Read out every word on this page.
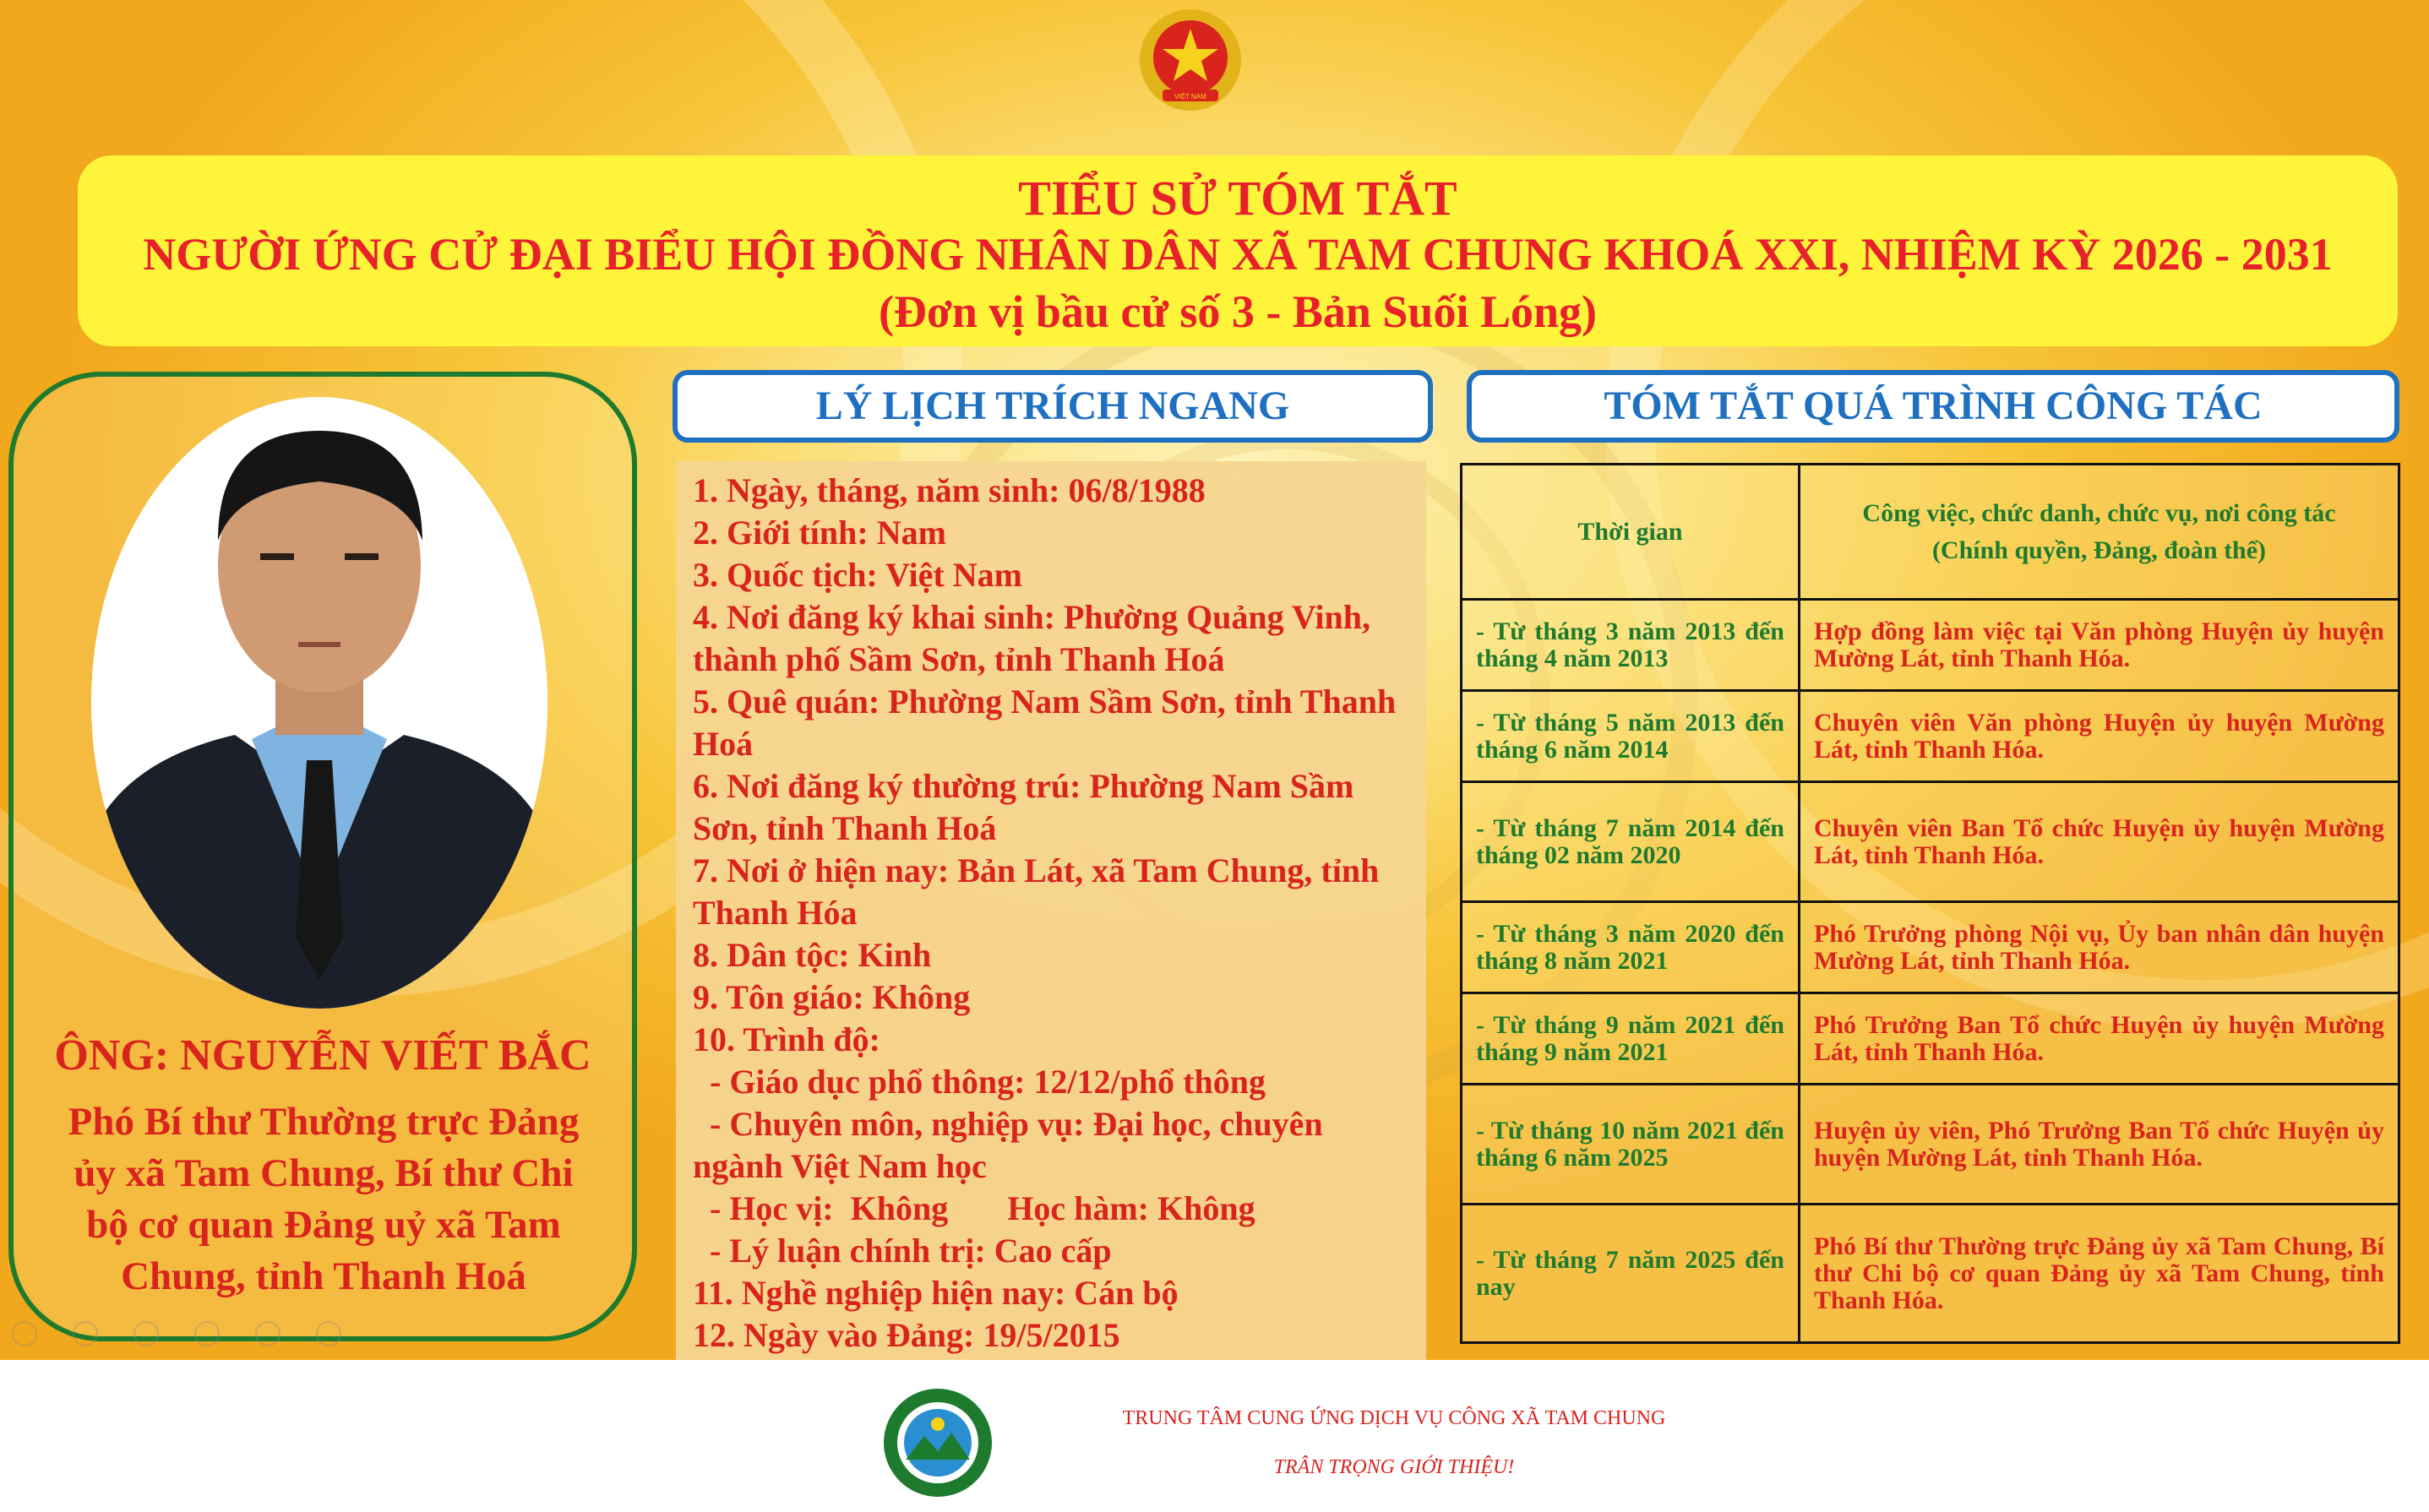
VIỆT NAM
TIỂU SỬ TÓM TẮT
NGƯỜI ỨNG CỬ ĐẠI BIỂU HỘI ĐỒNG NHÂN DÂN XÃ TAM CHUNG KHOÁ XXI, NHIỆM KỲ 2026 - 2031
(Đơn vị bầu cử số 3 - Bản Suối Lóng)
ÔNG: NGUYỄN VIẾT BẮC
Phó Bí thư Thường trực Đảng ủy xã Tam Chung, Bí thư Chi bộ cơ quan Đảng uỷ xã Tam Chung, tỉnh Thanh Hoá
LÝ LỊCH TRÍCH NGANG	TÓM TẮT QUÁ TRÌNH CÔNG TÁC
1. Ngày, tháng, năm sinh: 06/8/1988
2. Giới tính: Nam
3. Quốc tịch: Việt Nam
4. Nơi đăng ký khai sinh: Phường Quảng Vinh, thành phố Sầm Sơn, tỉnh Thanh Hoá
5. Quê quán: Phường Nam Sầm Sơn, tỉnh Thanh Hoá
6. Nơi đăng ký thường trú: Phường Nam Sầm Sơn, tỉnh Thanh Hoá
7. Nơi ở hiện nay: Bản Lát, xã Tam Chung, tỉnh Thanh Hóa
8. Dân tộc: Kinh
9. Tôn giáo: Không
10. Trình độ:
- Giáo dục phổ thông: 12/12/phổ thông
- Chuyên môn, nghiệp vụ: Đại học, chuyên ngành Việt Nam học
- Học vị:  Không       Học hàm: Không
- Lý luận chính trị: Cao cấp
11. Nghề nghiệp hiện nay: Cán bộ
12. Ngày vào Đảng: 19/5/2015
Thời gian	Công việc, chức danh, chức vụ, nơi công tác
(Chính quyền, Đảng, đoàn thể)

- Từ tháng 3 năm 2013 đến tháng 4 năm 2013	Hợp đồng làm việc tại Văn phòng Huyện ủy huyện Mường Lát, tỉnh Thanh Hóa.
- Từ tháng 5 năm 2013 đến tháng 6 năm 2014	Chuyên viên Văn phòng Huyện ủy huyện Mường Lát, tỉnh Thanh Hóa.
- Từ tháng 7 năm 2014 đến tháng 02 năm 2020	Chuyên viên Ban Tổ chức Huyện ủy huyện Mường Lát, tỉnh Thanh Hóa.
- Từ tháng 3 năm 2020 đến tháng 8 năm 2021	Phó Trưởng phòng Nội vụ, Ủy ban nhân dân huyện Mường Lát, tỉnh Thanh Hóa.
- Từ tháng 9 năm 2021 đến tháng 9 năm 2021	Phó Trưởng Ban Tổ chức Huyện ủy huyện Mường Lát, tỉnh Thanh Hóa.
- Từ tháng 10 năm 2021 đến tháng 6 năm 2025	Huyện ủy viên, Phó Trưởng Ban Tổ chức Huyện ủy huyện Mường Lát, tỉnh Thanh Hóa.
- Từ tháng 7 năm 2025 đến nay	Phó Bí thư Thường trực Đảng ủy xã Tam Chung, Bí thư Chi bộ cơ quan Đảng ủy xã Tam Chung, tỉnh Thanh Hóa.
TRUNG TÂM CUNG ỨNG DỊCH VỤ CÔNG XÃ TAM CHUNG
TRÂN TRỌNG GIỚI THIỆU!
